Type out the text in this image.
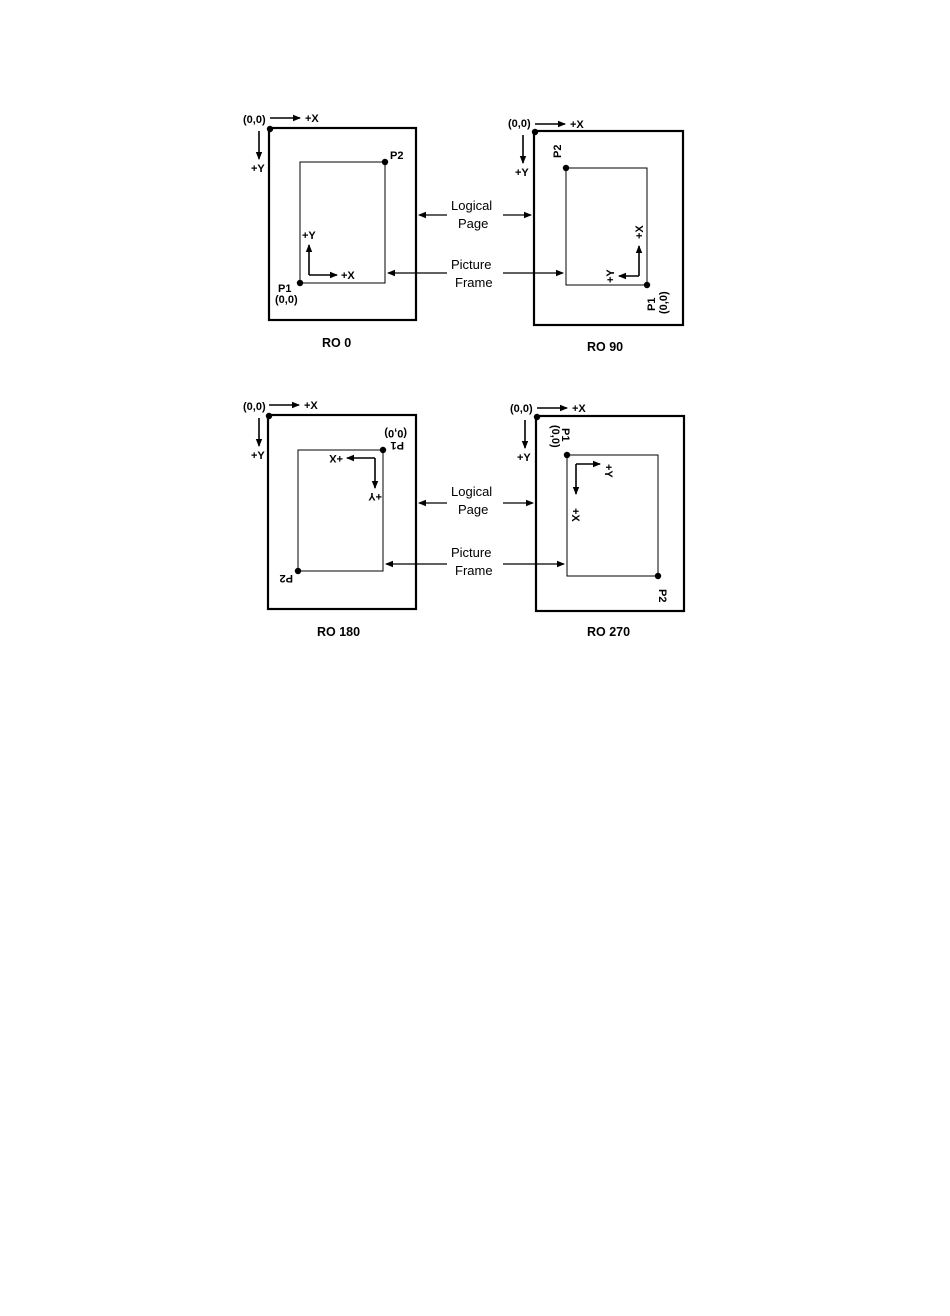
(0,0)	+X
+Y
P1
(0,0)
P2
+X
+Y
RO 0
(0,0)	+X
+Y
P2
P1 (0,0)
+X
+Y
RO 90
(0,0)	+X
+Y
P1
(0,0)
P2
+X
+Y
RO 180
(0,0)	+X
+Y
P1
(0,0)
P2
+X
+Y
RO 270
Logical
Page
Picture
Frame
Logical
Page
Picture
Frame
